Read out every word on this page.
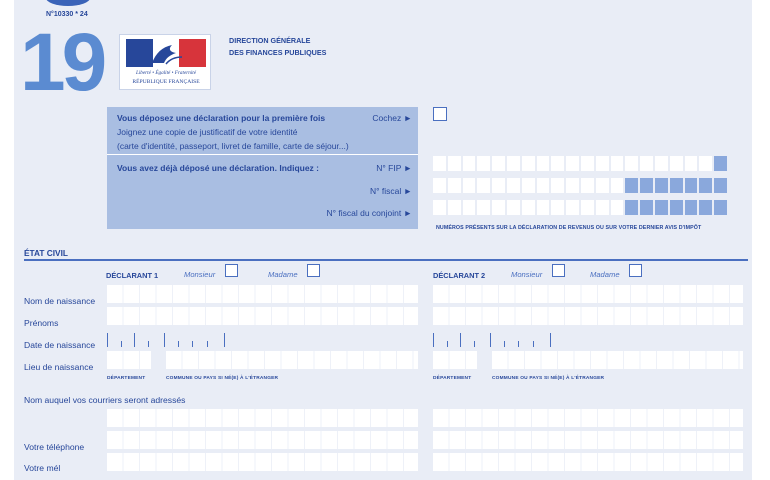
N°10330 * 24
19	Liberté • Égalité • Fraternité
RÉPUBLIQUE FRANÇAISE
DIRECTION GÉNÉRALE
DES FINANCES PUBLIQUES
Vous déposez une déclaration pour la première fois	Cochez ►
Joignez une copie de justificatif de votre identité
(carte d'identité, passeport, livret de famille, carte de séjour...)
Vous avez déjà déposé une déclaration. Indiquez :	N° FIP ►
N° fiscal ►
N° fiscal du conjoint ►
NUMÉROS PRÉSENTS SUR LA DÉCLARATION DE REVENUS OU SUR VOTRE DERNIER AVIS D'IMPÔT
ÉTAT CIVIL
DÉCLARANT 1	Monsieur	Madame	DÉCLARANT 2	Monsieur	Madame
Nom de naissance
Prénoms
Date de naissance
Lieu de naissance
DÉPARTEMENT	COMMUNE OU PAYS SI NÉ(E) À L'ÉTRANGER	DÉPARTEMENT	COMMUNE OU PAYS SI NÉ(E) À L'ÉTRANGER
Nom auquel vos courriers seront adressés
Votre téléphone
Votre mél
